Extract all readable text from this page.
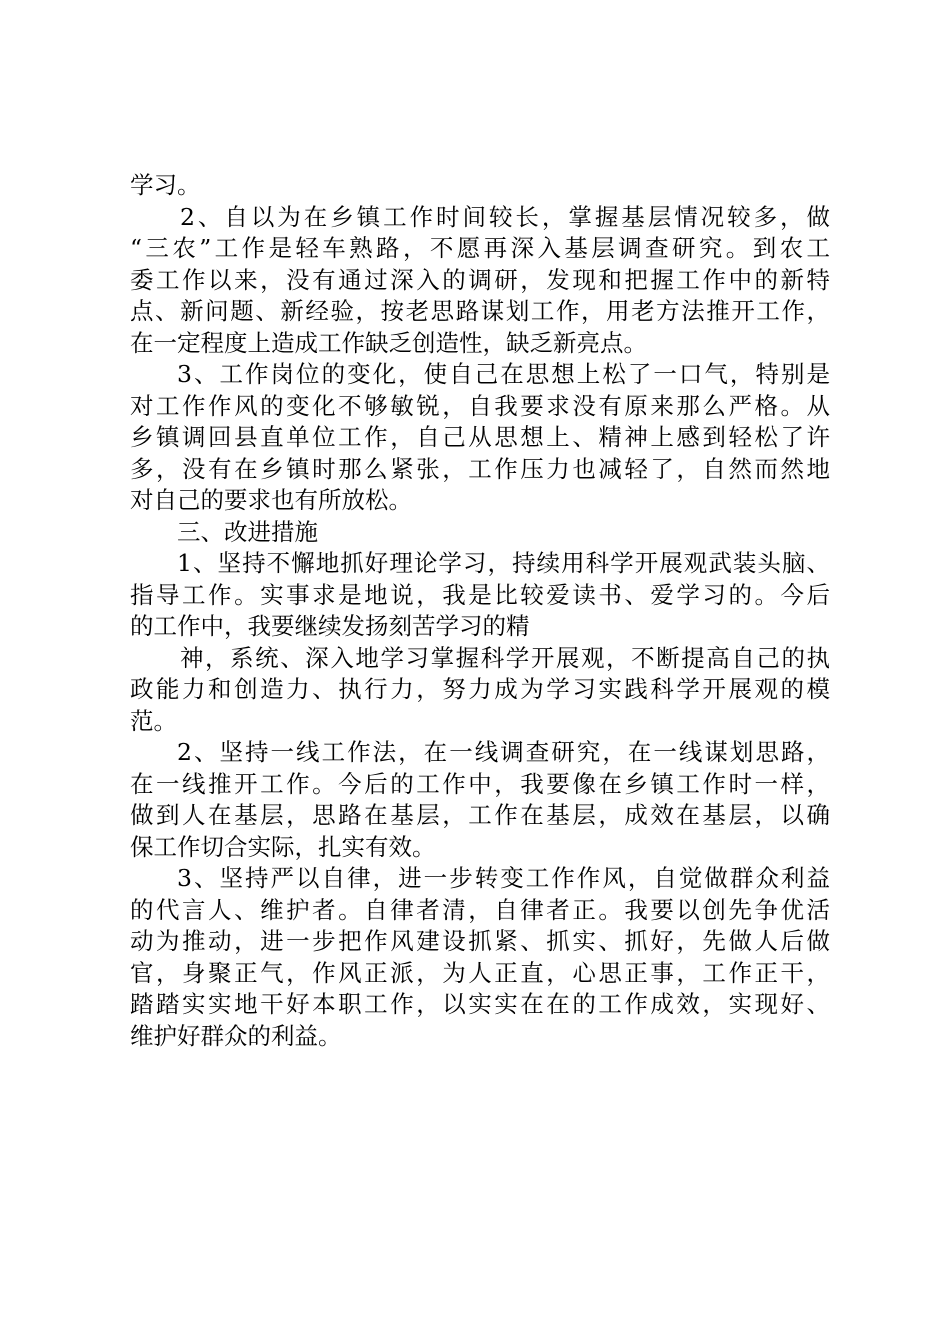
学习。
2、自以为在乡镇工作时间较长，掌握基层情况较多，做
“三农”工作是轻车熟路，不愿再深入基层调查研究。到农工
委工作以来，没有通过深入的调研，发现和把握工作中的新特
点、新问题、新经验，按老思路谋划工作，用老方法推开工作，
在一定程度上造成工作缺乏创造性，缺乏新亮点。
3、工作岗位的变化，使自己在思想上松了一口气，特别是
对工作作风的变化不够敏锐，自我要求没有原来那么严格。从
乡镇调回县直单位工作，自己从思想上、精神上感到轻松了许
多，没有在乡镇时那么紧张，工作压力也减轻了，自然而然地
对自己的要求也有所放松。
三、改进措施
1、坚持不懈地抓好理论学习，持续用科学开展观武装头脑、
指导工作。实事求是地说，我是比较爱读书、爱学习的。今后
的工作中，我要继续发扬刻苦学习的精
神，系统、深入地学习掌握科学开展观，不断提高自己的执
政能力和创造力、执行力，努力成为学习实践科学开展观的模
范。
2、坚持一线工作法，在一线调查研究，在一线谋划思路，
在一线推开工作。今后的工作中，我要像在乡镇工作时一样，
做到人在基层，思路在基层，工作在基层，成效在基层，以确
保工作切合实际，扎实有效。
3、坚持严以自律，进一步转变工作作风，自觉做群众利益
的代言人、维护者。自律者清，自律者正。我要以创先争优活
动为推动，进一步把作风建设抓紧、抓实、抓好，先做人后做
官，身聚正气，作风正派，为人正直，心思正事，工作正干，
踏踏实实地干好本职工作，以实实在在的工作成效，实现好、
维护好群众的利益。
